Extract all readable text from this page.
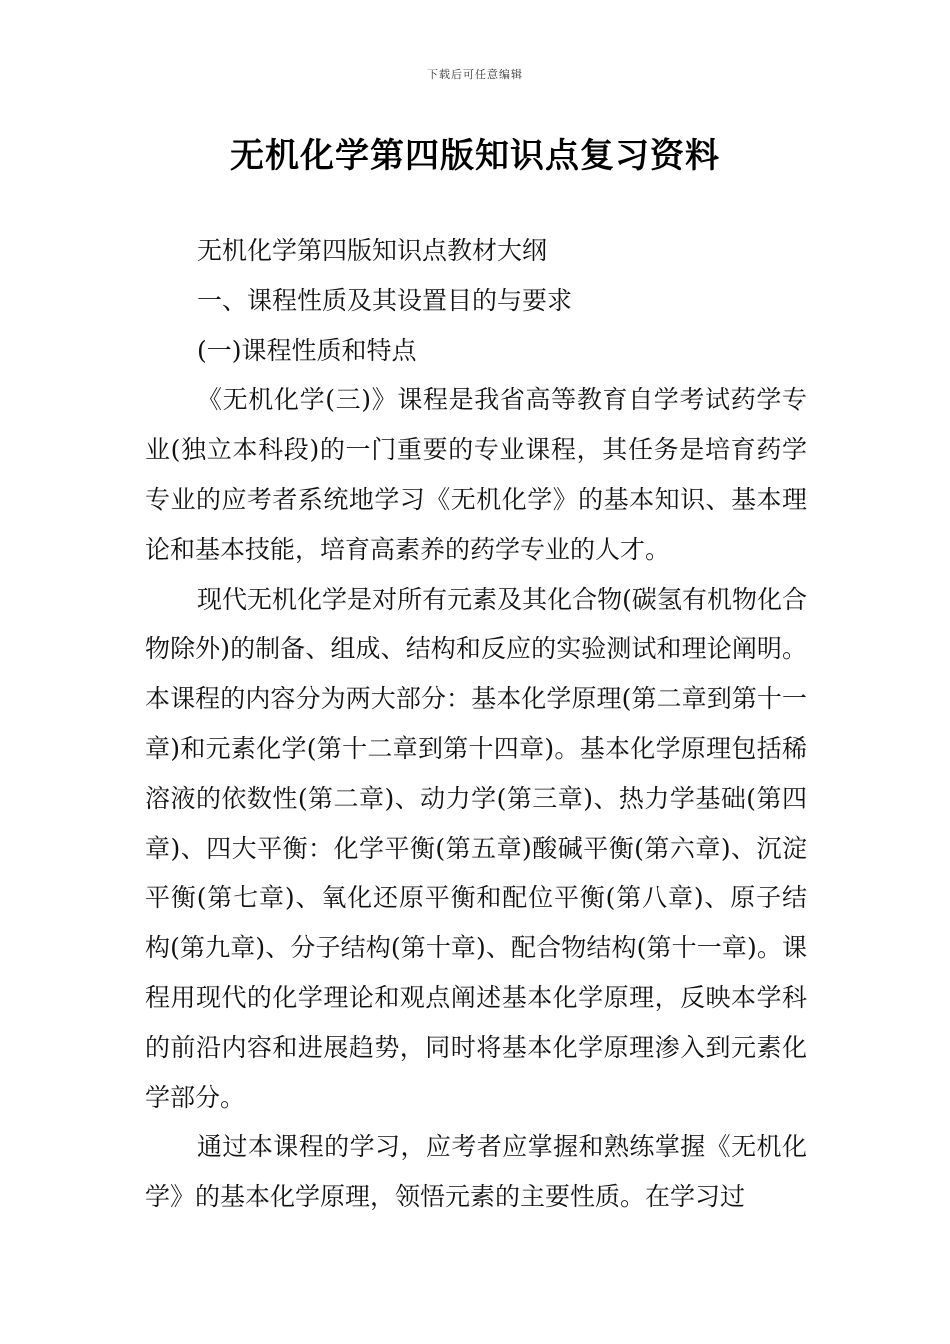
下载后可任意编辑
无机化学第四版知识点复习资料

无机化学第四版知识点教材大纲

一、课程性质及其设置目的与要求

(一)课程性质和特点

《无机化学(三)》课程是我省高等教育自学考试药学专业(独立本科段)的一门重要的专业课程，其任务是培育药学专业的应考者系统地学习《无机化学》的基本知识、基本理论和基本技能，培育高素养的药学专业的人才。

现代无机化学是对所有元素及其化合物(碳氢有机物化合物除外)的制备、组成、结构和反应的实验测试和理论阐明。本课程的内容分为两大部分：基本化学原理(第二章到第十一章)和元素化学(第十二章到第十四章)。基本化学原理包括稀溶液的依数性(第二章)、动力学(第三章)、热力学基础(第四章)、四大平衡：化学平衡(第五章)酸碱平衡(第六章)、沉淀平衡(第七章)、氧化还原平衡和配位平衡(第八章)、原子结构(第九章)、分子结构(第十章)、配合物结构(第十一章)。课程用现代的化学理论和观点阐述基本化学原理，反映本学科的前沿内容和进展趋势，同时将基本化学原理渗入到元素化学部分。

通过本课程的学习，应考者应掌握和熟练掌握《无机化学》的基本化学原理，领悟元素的主要性质。在学习过
